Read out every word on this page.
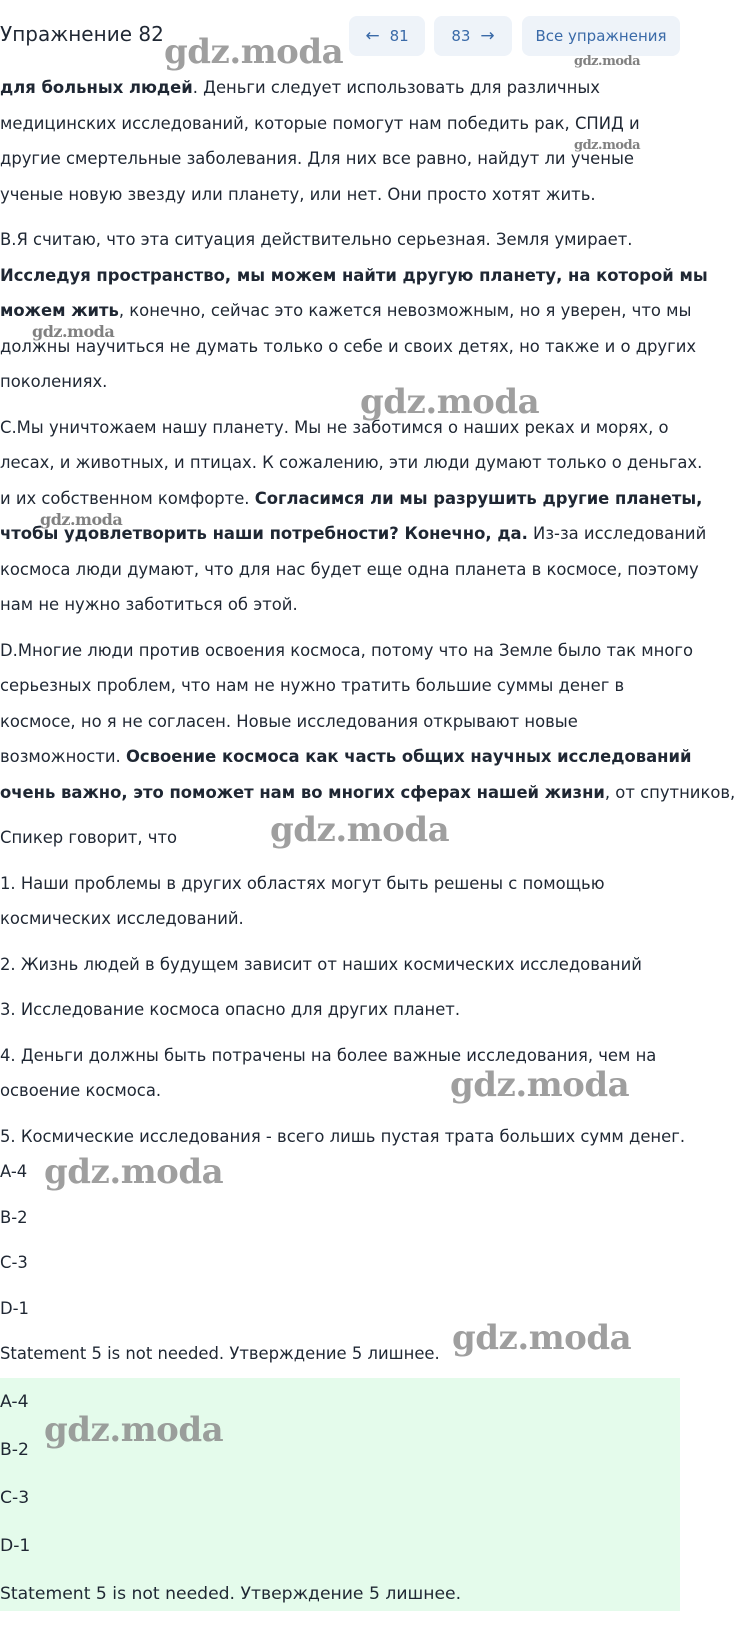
Упражнение 82	← 81	83 →	Все упражнения

для больных людей. Деньги следует использовать для различных

медицинских исследований, которые помогут нам победить рак, СПИД и

другие смертельные заболевания. Для них все равно, найдут ли ученые

ученые новую звезду или планету, или нет. Они просто хотят жить.

В.Я считаю, что эта ситуация действительно серьезная. Земля умирает.

Исследуя пространство, мы можем найти другую планету, на которой мы

можем жить, конечно, сейчас это кажется невозможным, но я уверен, что мы

должны научиться не думать только о себе и своих детях, но также и о других

поколениях.

С.Мы уничтожаем нашу планету. Мы не заботимся о наших реках и морях, о

лесах, и животных, и птицах. К сожалению, эти люди думают только о деньгах.

и их собственном комфорте. Согласимся ли мы разрушить другие планеты,

чтобы удовлетворить наши потребности? Конечно, да. Из-за исследований

космоса люди думают, что для нас будет еще одна планета в космосе, поэтому

нам не нужно заботиться об этой.

D.Многие люди против освоения космоса, потому что на Земле было так много

серьезных проблем, что нам не нужно тратить большие суммы денег в

космосе, но я не согласен. Новые исследования открывают новые

возможности. Освоение космоса как часть общих научных исследований

очень важно, это поможет нам во многих сферах нашей жизни, от спутников,

Спикер говорит, что

1. Наши проблемы в других областях могут быть решены с помощью

космических исследований.

2. Жизнь людей в будущем зависит от наших космических исследований

3. Исследование космоса опасно для других планет.

4. Деньги должны быть потрачены на более важные исследования, чем на

освоение космоса.

5. Космические исследования - всего лишь пустая трата больших сумм денег.

A-4

B-2

C-3

D-1

Statement 5 is not needed. Утверждение 5 лишнее.

A-4

B-2

C-3

D-1

Statement 5 is not needed. Утверждение 5 лишнее.

gdz.moda	gdz.moda
gdz.moda
gdz.moda
gdz.moda
gdz.moda
gdz.moda
gdz.moda
gdz.moda
gdz.moda
gdz.moda
